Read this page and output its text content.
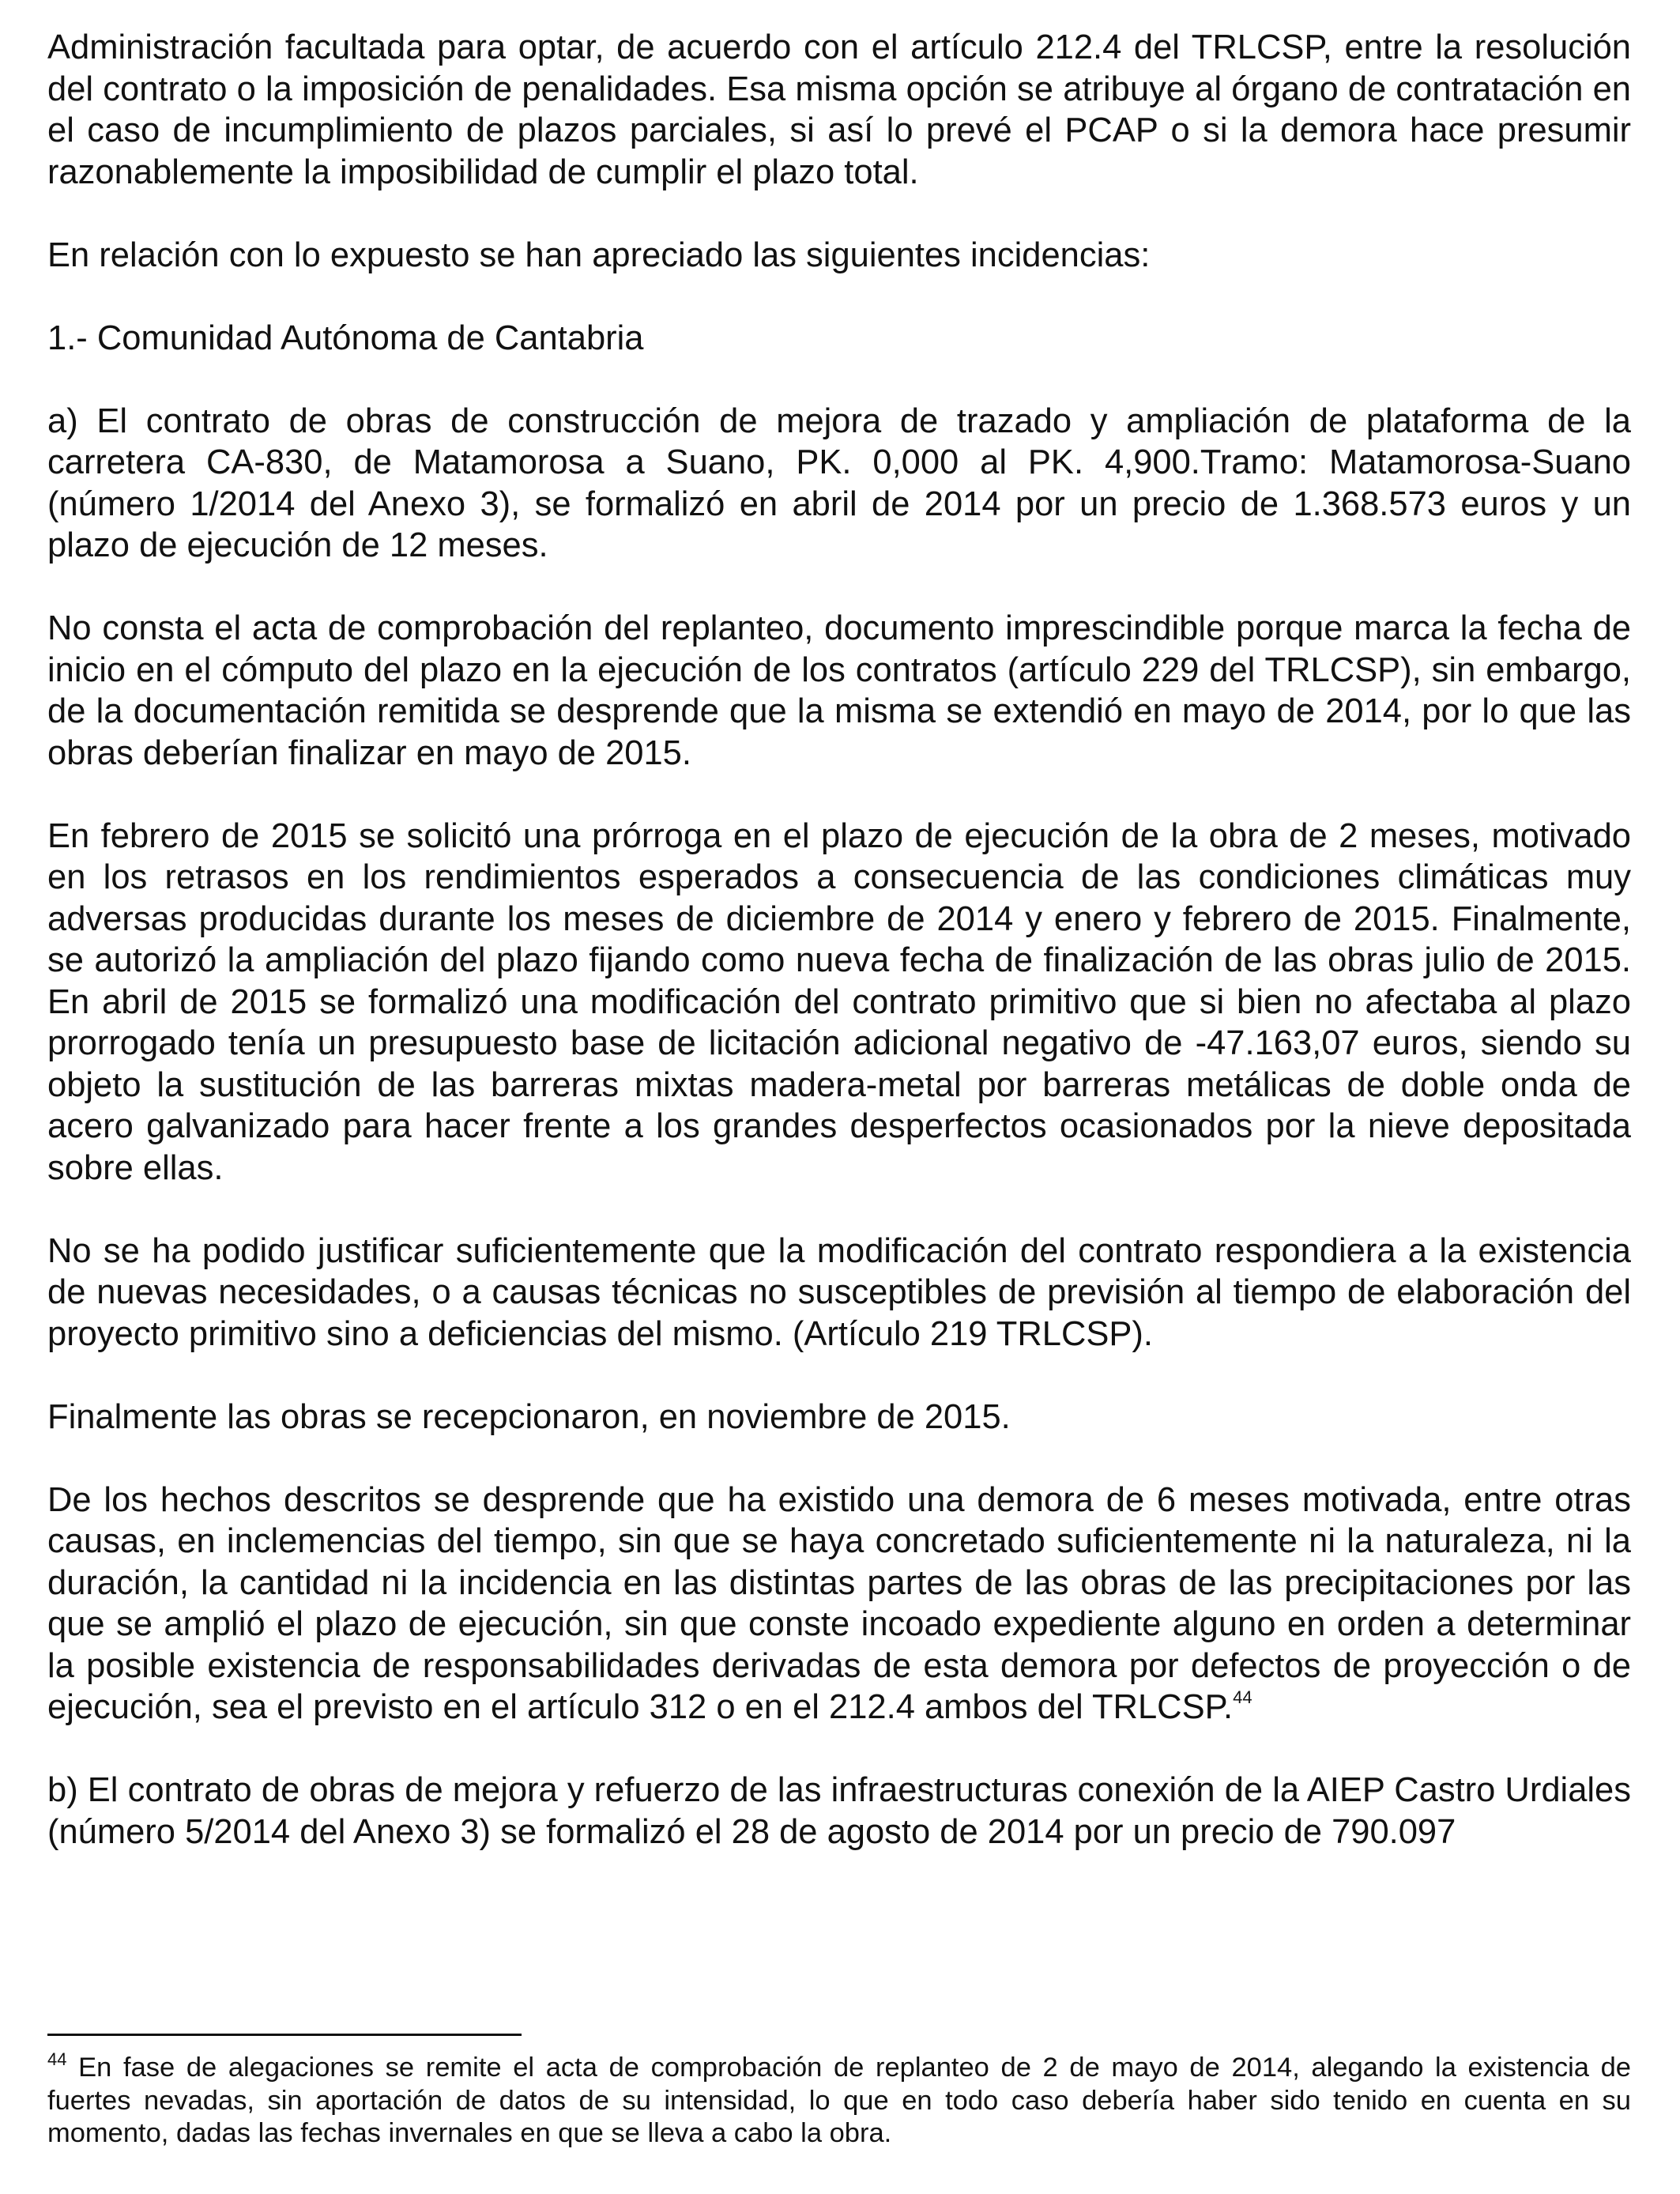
Administración facultada para optar, de acuerdo con el artículo 212.4 del TRLCSP, entre la resolución del contrato o la imposición de penalidades. Esa misma opción se atribuye al órgano de contratación en el caso de incumplimiento de plazos parciales, si así lo prevé el PCAP o si la demora hace presumir razonablemente la imposibilidad de cumplir el plazo total.

En relación con lo expuesto se han apreciado las siguientes incidencias:

1.- Comunidad Autónoma de Cantabria

a) El contrato de obras de construcción de mejora de trazado y ampliación de plataforma de la carretera CA-830, de Matamorosa a Suano, PK. 0,000 al PK. 4,900.Tramo: Matamorosa-Suano (número 1/2014 del Anexo 3), se formalizó en abril de 2014 por un precio de 1.368.573 euros y un plazo de ejecución de 12 meses.

No consta el acta de comprobación del replanteo, documento imprescindible porque marca la fecha de inicio en el cómputo del plazo en la ejecución de los contratos (artículo 229 del TRLCSP), sin embargo, de la documentación remitida se desprende que la misma se extendió en mayo de 2014, por lo que las obras deberían finalizar en mayo de 2015.

En febrero de 2015 se solicitó una prórroga en el plazo de ejecución de la obra de 2 meses, motivado en los retrasos en los rendimientos esperados a consecuencia de las condiciones climáticas muy adversas producidas durante los meses de diciembre de 2014 y enero y febrero de 2015. Finalmente, se autorizó la ampliación del plazo fijando como nueva fecha de finalización de las obras julio de 2015. En abril de 2015 se formalizó una modificación del contrato primitivo que si bien no afectaba al plazo prorrogado tenía un presupuesto base de licitación adicional negativo de -47.163,07 euros, siendo su objeto la sustitución de las barreras mixtas madera-metal por barreras metálicas de doble onda de acero galvanizado para hacer frente a los grandes desperfectos ocasionados por la nieve depositada sobre ellas.

No se ha podido justificar suficientemente que la modificación del contrato respondiera a la existencia de nuevas necesidades, o a causas técnicas no susceptibles de previsión al tiempo de elaboración del proyecto primitivo sino a deficiencias del mismo. (Artículo 219 TRLCSP).

Finalmente las obras se recepcionaron, en noviembre de 2015.

De los hechos descritos se desprende que ha existido una demora de 6 meses motivada, entre otras causas, en inclemencias del tiempo, sin que se haya concretado suficientemente ni la naturaleza, ni la duración, la cantidad ni la incidencia en las distintas partes de las obras de las precipitaciones por las que se amplió el plazo de ejecución, sin que conste incoado expediente alguno en orden a determinar la posible existencia de responsabilidades derivadas de esta demora por defectos de proyección o de ejecución, sea el previsto en el artículo 312 o en el 212.4 ambos del TRLCSP.$^{44}$

b) El contrato de obras de mejora y refuerzo de las infraestructuras conexión de la AIEP Castro Urdiales (número 5/2014 del Anexo 3) se formalizó el 28 de agosto de 2014 por un precio de 790.097

$^{44}$ En fase de alegaciones se remite el acta de comprobación de replanteo de 2 de mayo de 2014, alegando la existencia de fuertes nevadas, sin aportación de datos de su intensidad, lo que en todo caso debería haber sido tenido en cuenta en su momento, dadas las fechas invernales en que se lleva a cabo la obra.
